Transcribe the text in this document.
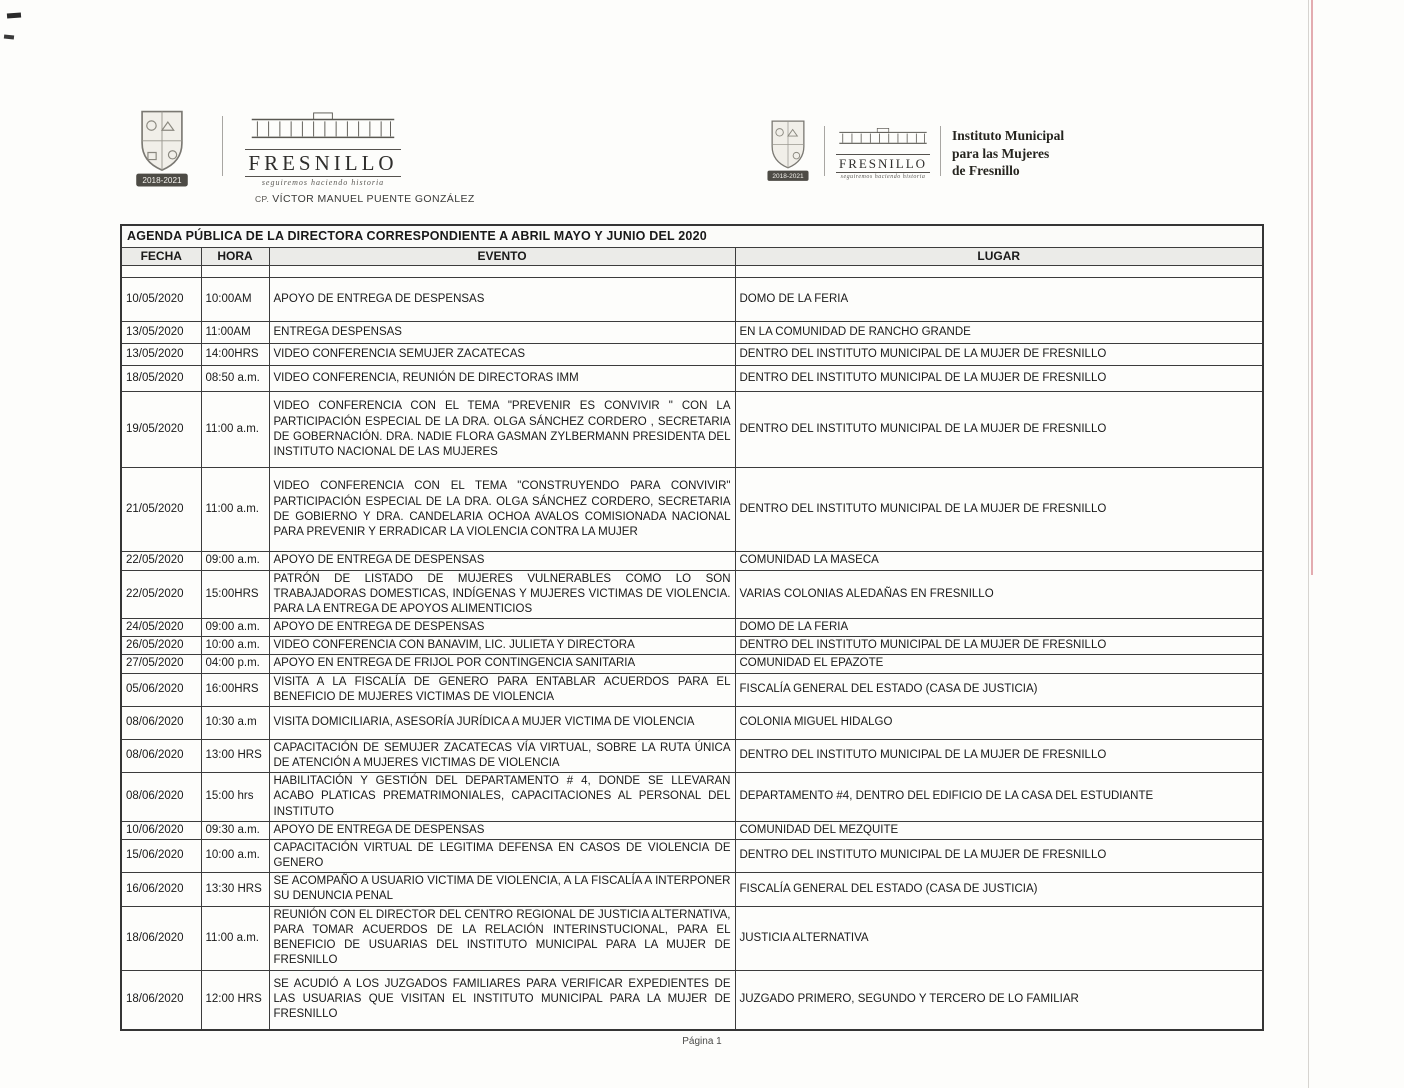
2018-2021
FRESNILLO
seguiremos haciendo historia
2018-2021
FRESNILLO
seguiremos haciendo historia
Instituto Municipal
para las Mujeres
de Fresnillo
CP. VÍCTOR MANUEL PUENTE GONZÁLEZ
AGENDA PÚBLICA DE LA DIRECTORA CORRESPONDIENTE A ABRIL MAYO Y JUNIO DEL 2020			
FECHA	HORA	EVENTO	LUGAR

10/05/2020	10:00AM	APOYO DE ENTREGA DE DESPENSAS	DOMO DE LA FERIA
13/05/2020	11:00AM	ENTREGA DESPENSAS	EN LA COMUNIDAD DE RANCHO GRANDE
13/05/2020	14:00HRS	VIDEO CONFERENCIA SEMUJER ZACATECAS	DENTRO DEL INSTITUTO MUNICIPAL DE LA MUJER DE FRESNILLO
18/05/2020	08:50 a.m.	VIDEO CONFERENCIA, REUNIÓN DE DIRECTORAS IMM	DENTRO DEL INSTITUTO MUNICIPAL DE LA MUJER DE FRESNILLO
19/05/2020	11:00 a.m.	VIDEO CONFERENCIA CON EL TEMA "PREVENIR ES CONVIVIR " CON LA PARTICIPACIÓN ESPECIAL DE LA DRA. OLGA SÁNCHEZ CORDERO , SECRETARIA DE GOBERNACIÓN. DRA. NADIE FLORA GASMAN ZYLBERMANN PRESIDENTA DEL INSTITUTO NACIONAL DE LAS MUJERES	DENTRO DEL INSTITUTO MUNICIPAL DE LA MUJER DE FRESNILLO
21/05/2020	11:00 a.m.	VIDEO CONFERENCIA CON EL TEMA "CONSTRUYENDO PARA CONVIVIR" PARTICIPACIÓN ESPECIAL DE LA DRA. OLGA SÁNCHEZ CORDERO, SECRETARIA DE GOBIERNO Y DRA. CANDELARIA OCHOA AVALOS COMISIONADA NACIONAL PARA PREVENIR Y ERRADICAR LA VIOLENCIA CONTRA LA MUJER	DENTRO DEL INSTITUTO MUNICIPAL DE LA MUJER DE FRESNILLO
22/05/2020	09:00 a.m.	APOYO DE ENTREGA DE DESPENSAS	COMUNIDAD LA MASECA
22/05/2020	15:00HRS	PATRÓN DE LISTADO DE MUJERES VULNERABLES COMO LO SON TRABAJADORAS DOMESTICAS, INDÍGENAS Y MUJERES VICTIMAS DE VIOLENCIA. PARA LA ENTREGA DE APOYOS ALIMENTICIOS	VARIAS COLONIAS ALEDAÑAS EN FRESNILLO
24/05/2020	09:00 a.m.	APOYO DE ENTREGA DE DESPENSAS	DOMO DE LA FERIA
26/05/2020	10:00 a.m.	VIDEO CONFERENCIA CON BANAVIM, LIC. JULIETA Y DIRECTORA	DENTRO DEL INSTITUTO MUNICIPAL DE LA MUJER DE FRESNILLO
27/05/2020	04:00 p.m.	APOYO EN ENTREGA DE FRIJOL POR CONTINGENCIA SANITARIA	COMUNIDAD EL EPAZOTE
05/06/2020	16:00HRS	VISITA A LA FISCALÍA DE GENERO PARA ENTABLAR ACUERDOS PARA EL BENEFICIO DE MUJERES VICTIMAS DE VIOLENCIA	FISCALÍA GENERAL DEL ESTADO (CASA DE JUSTICIA)
08/06/2020	10:30 a.m	VISITA DOMICILIARIA, ASESORÍA JURÍDICA A MUJER VICTIMA DE VIOLENCIA	COLONIA MIGUEL HIDALGO
08/06/2020	13:00 HRS	CAPACITACIÓN DE SEMUJER ZACATECAS VÍA VIRTUAL, SOBRE LA RUTA ÚNICA DE ATENCIÓN A MUJERES VICTIMAS DE VIOLENCIA	DENTRO DEL INSTITUTO MUNICIPAL DE LA MUJER DE FRESNILLO
08/06/2020	15:00 hrs	HABILITACIÓN Y GESTIÓN DEL DEPARTAMENTO # 4, DONDE SE LLEVARAN ACABO PLATICAS PREMATRIMONIALES, CAPACITACIONES AL PERSONAL DEL INSTITUTO	DEPARTAMENTO #4, DENTRO DEL EDIFICIO DE LA CASA DEL ESTUDIANTE
10/06/2020	09:30 a.m.	APOYO DE ENTREGA DE DESPENSAS	COMUNIDAD DEL MEZQUITE
15/06/2020	10:00 a.m.	CAPACITACIÓN VIRTUAL DE LEGITIMA DEFENSA EN CASOS DE VIOLENCIA DE GENERO	DENTRO DEL INSTITUTO MUNICIPAL DE LA MUJER DE FRESNILLO
16/06/2020	13:30 HRS	SE ACOMPAÑO A USUARIO VICTIMA DE VIOLENCIA, A LA FISCALÍA A INTERPONER SU DENUNCIA PENAL	FISCALÍA GENERAL DEL ESTADO (CASA DE JUSTICIA)
18/06/2020	11:00 a.m.	REUNIÓN CON EL DIRECTOR DEL CENTRO REGIONAL DE JUSTICIA ALTERNATIVA, PARA TOMAR ACUERDOS DE LA RELACIÓN INTERINSTUCIONAL, PARA EL BENEFICIO DE USUARIAS DEL INSTITUTO MUNICIPAL PARA LA MUJER DE FRESNILLO	JUSTICIA ALTERNATIVA
18/06/2020	12:00 HRS	SE ACUDIÓ A LOS JUZGADOS FAMILIARES PARA VERIFICAR EXPEDIENTES DE LAS USUARIAS QUE VISITAN EL INSTITUTO MUNICIPAL PARA LA MUJER DE FRESNILLO	JUZGADO PRIMERO, SEGUNDO Y TERCERO DE LO FAMILIAR
Página 1
